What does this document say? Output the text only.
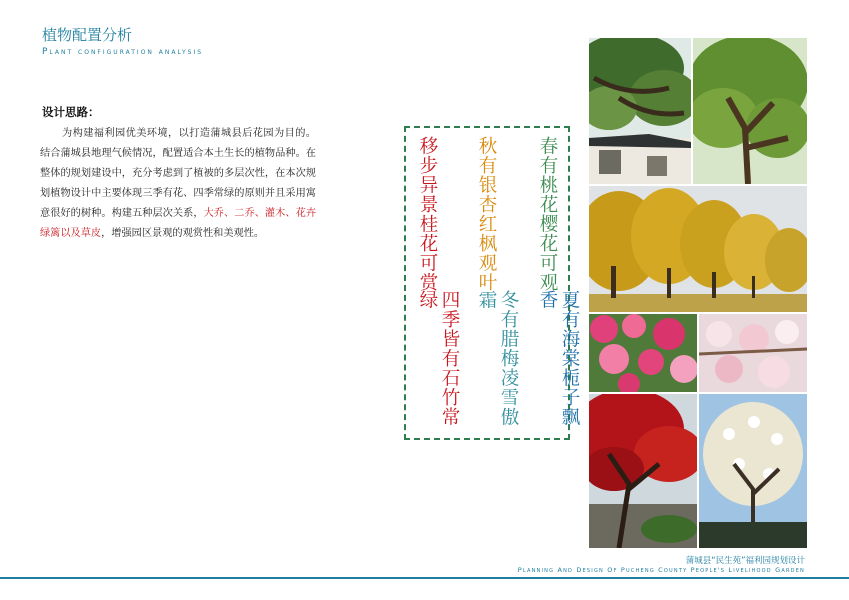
植物配置分析
Plant configuration analysis
设计思路：
为构建福利园优美环境，以打造蒲城县后花园为目的。结合蒲城县地理气候情况，配置适合本土生长的植物品种。在整体的规划建设中，充分考虑到了植被的多层次性，在本次规划植物设计中主要体现三季有花、四季常绿的原则并且采用寓意很好的树种。构建五种层次关系，大乔、二乔、灌木、花卉绿篱以及草皮，增强园区景观的观赏性和美观性。	春有桃花樱花可观
夏有海棠栀子飘香
秋有银杏红枫观叶
冬有腊梅凌雪傲霜
移步异景桂花可赏
四季皆有石竹常绿
蒲城县“民生苑”福利园规划设计
Planning And Design Of Pucheng County People's Livelihood Garden
